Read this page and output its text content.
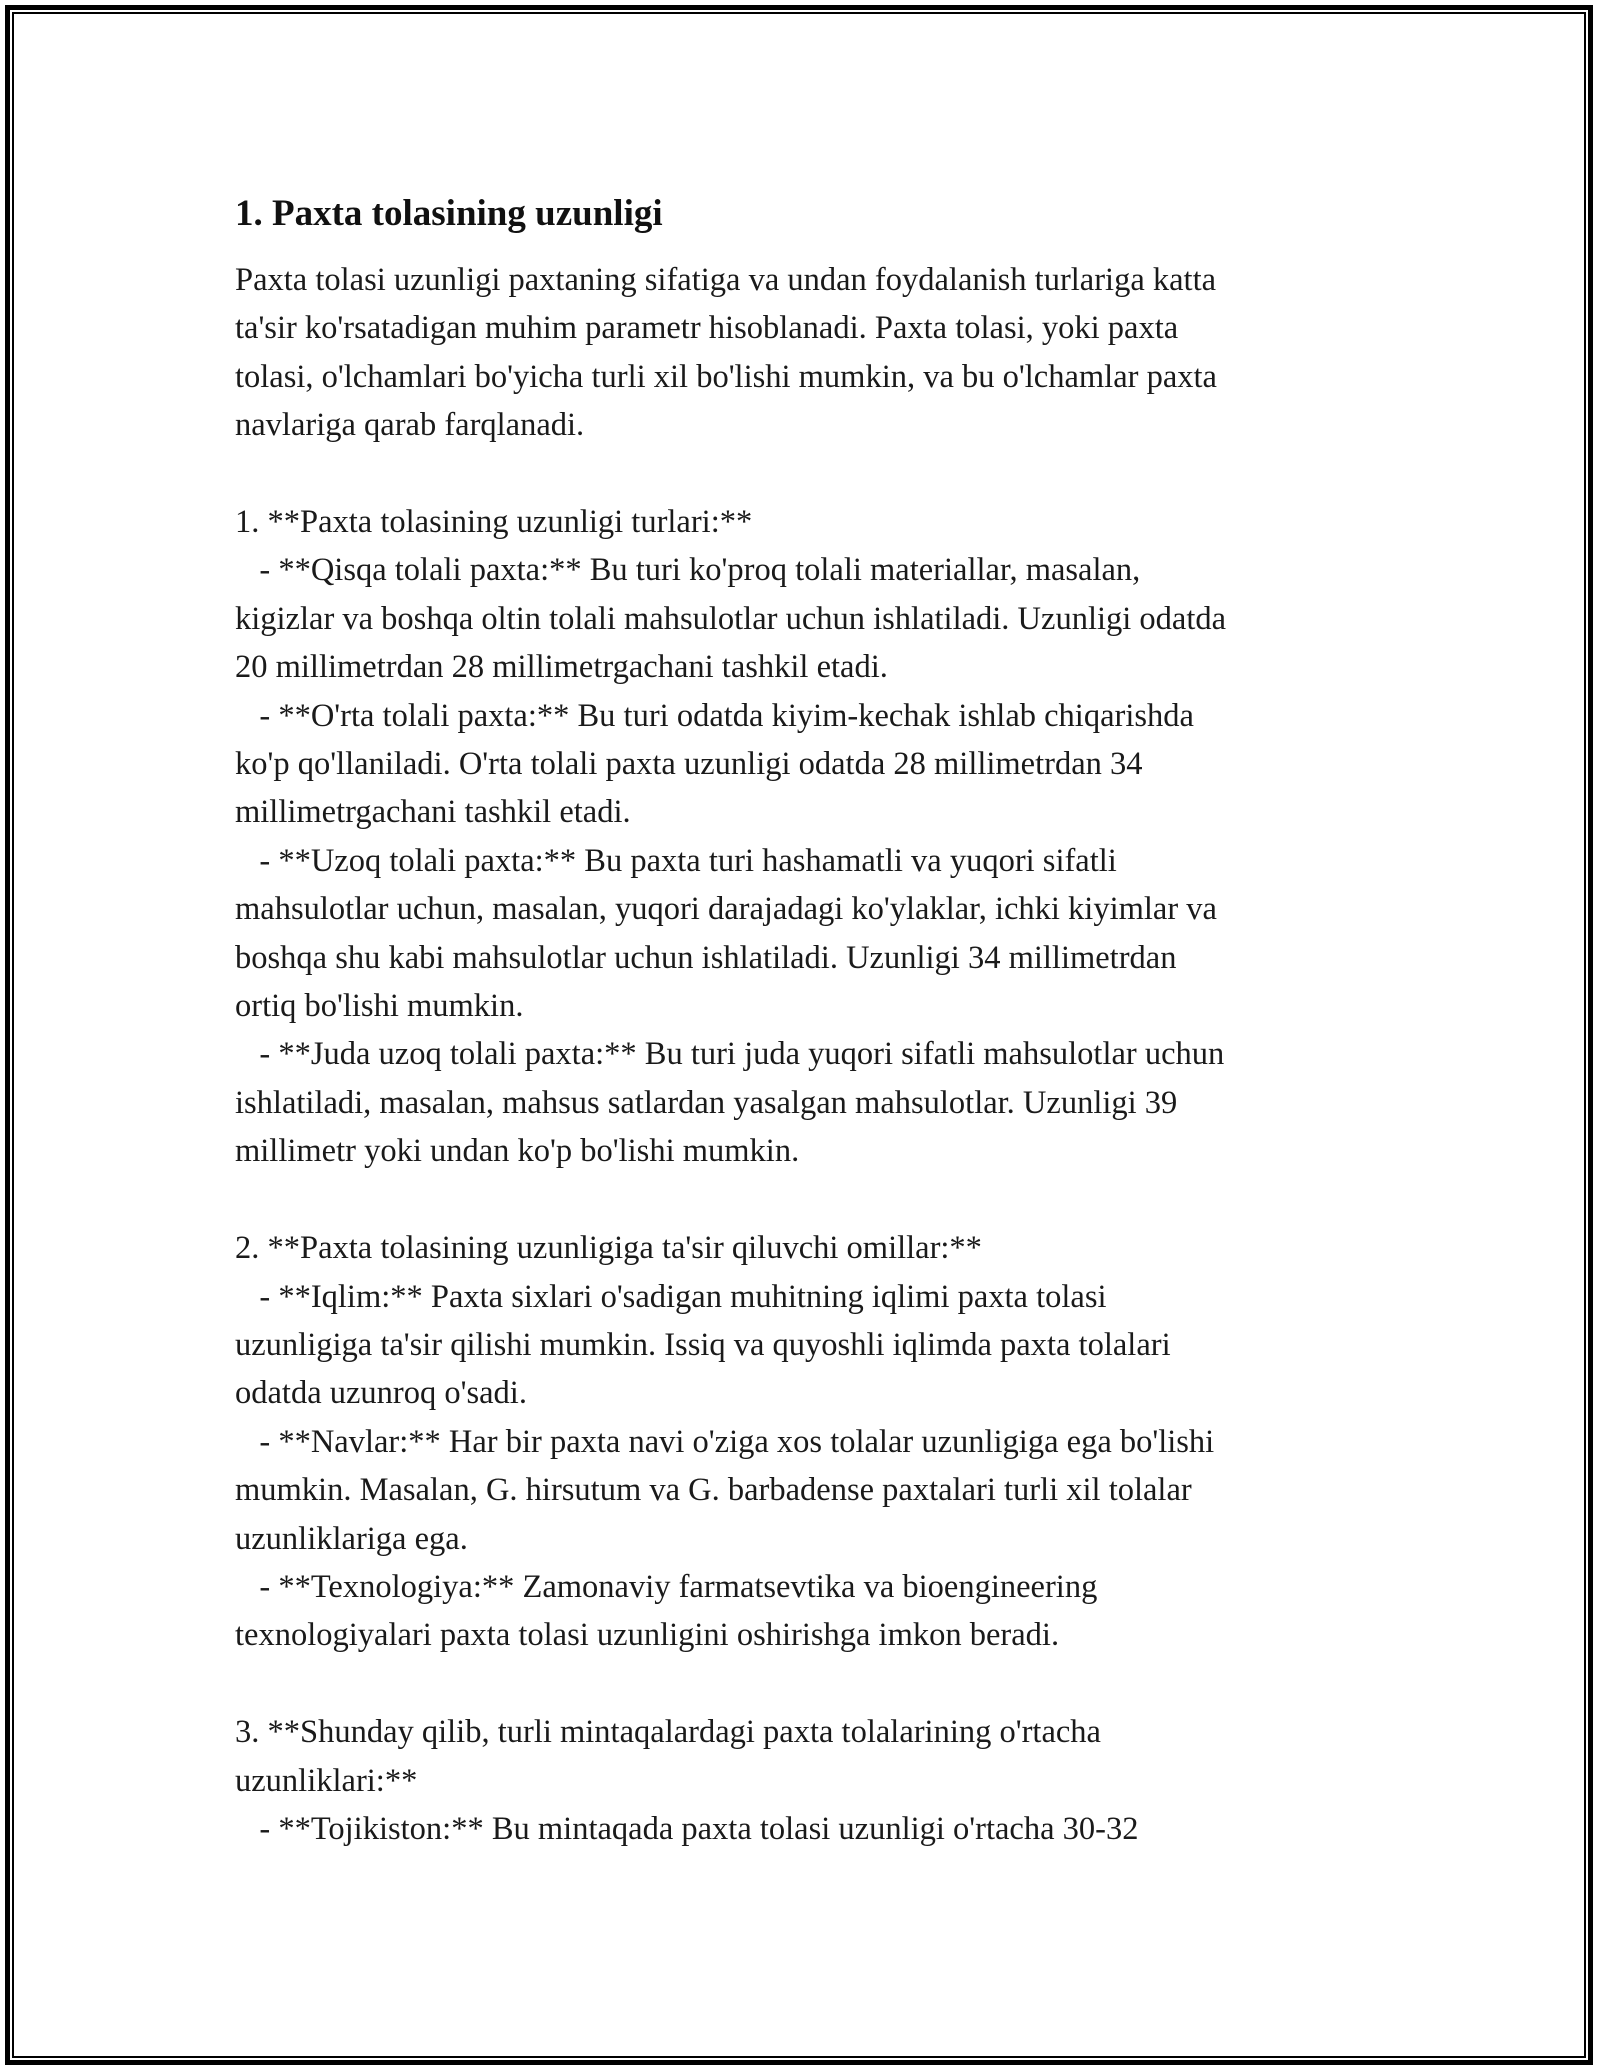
1. Paxta tolasining uzunligi
Paxta tolasi uzunligi paxtaning sifatiga va undan foydalanish turlariga katta
ta'sir ko'rsatadigan muhim parametr hisoblanadi. Paxta tolasi, yoki paxta
tolasi, o'lchamlari bo'yicha turli xil bo'lishi mumkin, va bu o'lchamlar paxta
navlariga qarab farqlanadi.
1. **Paxta tolasining uzunligi turlari:**
- **Qisqa tolali paxta:** Bu turi ko'proq tolali materiallar, masalan,
kigizlar va boshqa oltin tolali mahsulotlar uchun ishlatiladi. Uzunligi odatda
20 millimetrdan 28 millimetrgachani tashkil etadi.
- **O'rta tolali paxta:** Bu turi odatda kiyim-kechak ishlab chiqarishda
ko'p qo'llaniladi. O'rta tolali paxta uzunligi odatda 28 millimetrdan 34
millimetrgachani tashkil etadi.
- **Uzoq tolali paxta:** Bu paxta turi hashamatli va yuqori sifatli
mahsulotlar uchun, masalan, yuqori darajadagi ko'ylaklar, ichki kiyimlar va
boshqa shu kabi mahsulotlar uchun ishlatiladi. Uzunligi 34 millimetrdan
ortiq bo'lishi mumkin.
- **Juda uzoq tolali paxta:** Bu turi juda yuqori sifatli mahsulotlar uchun
ishlatiladi, masalan, mahsus satlardan yasalgan mahsulotlar. Uzunligi 39
millimetr yoki undan ko'p bo'lishi mumkin.
2. **Paxta tolasining uzunligiga ta'sir qiluvchi omillar:**
- **Iqlim:** Paxta sixlari o'sadigan muhitning iqlimi paxta tolasi
uzunligiga ta'sir qilishi mumkin. Issiq va quyoshli iqlimda paxta tolalari
odatda uzunroq o'sadi.
- **Navlar:** Har bir paxta navi o'ziga xos tolalar uzunligiga ega bo'lishi
mumkin. Masalan, G. hirsutum va G. barbadense paxtalari turli xil tolalar
uzunliklariga ega.
- **Texnologiya:** Zamonaviy farmatsevtika va bioengineering
texnologiyalari paxta tolasi uzunligini oshirishga imkon beradi.
3. **Shunday qilib, turli mintaqalardagi paxta tolalarining o'rtacha
uzunliklari:**
- **Tojikiston:** Bu mintaqada paxta tolasi uzunligi o'rtacha 30-32
